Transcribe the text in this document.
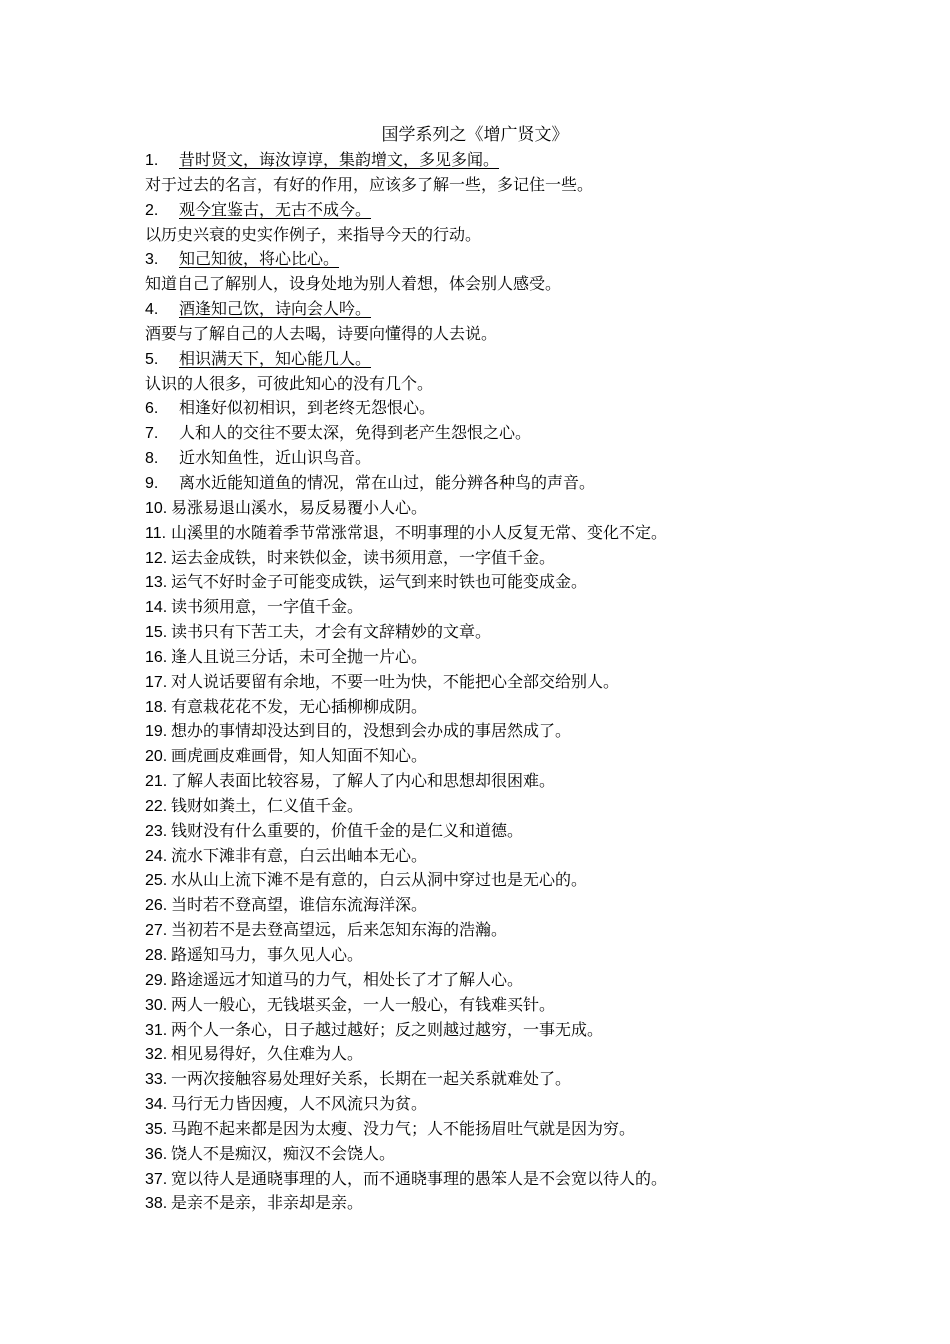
国学系列之《增广贤文》
1. 昔时贤文，诲汝谆谆，集韵增文，多见多闻。
对于过去的名言，有好的作用，应该多了解一些，多记住一些。
2. 观今宜鉴古，无古不成今。
以历史兴衰的史实作例子，来指导今天的行动。
3. 知己知彼，将心比心。
知道自己了解别人，设身处地为别人着想，体会别人感受。
4. 酒逢知己饮，诗向会人吟。
酒要与了解自己的人去喝，诗要向懂得的人去说。
5. 相识满天下，知心能几人。
认识的人很多，可彼此知心的没有几个。
6. 相逢好似初相识，到老终无怨恨心。
7. 人和人的交往不要太深，免得到老产生怨恨之心。
8. 近水知鱼性，近山识鸟音。
9. 离水近能知道鱼的情况，常在山过，能分辨各种鸟的声音。
10. 易涨易退山溪水，易反易覆小人心。
11. 山溪里的水随着季节常涨常退，不明事理的小人反复无常、变化不定。
12. 运去金成铁，时来铁似金，读书须用意，一字值千金。
13. 运气不好时金子可能变成铁，运气到来时铁也可能变成金。
14. 读书须用意，一字值千金。
15. 读书只有下苦工夫，才会有文辞精妙的文章。
16. 逢人且说三分话，未可全抛一片心。
17. 对人说话要留有余地，不要一吐为快，不能把心全部交给别人。
18. 有意栽花花不发，无心插柳柳成阴。
19. 想办的事情却没达到目的，没想到会办成的事居然成了。
20. 画虎画皮难画骨，知人知面不知心。
21. 了解人表面比较容易，了解人了内心和思想却很困难。
22. 钱财如粪土，仁义值千金。
23. 钱财没有什么重要的，价值千金的是仁义和道德。
24. 流水下滩非有意，白云出岫本无心。
25. 水从山上流下滩不是有意的，白云从洞中穿过也是无心的。
26. 当时若不登高望，谁信东流海洋深。
27. 当初若不是去登高望远，后来怎知东海的浩瀚。
28. 路遥知马力，事久见人心。
29. 路途遥远才知道马的力气，相处长了才了解人心。
30. 两人一般心，无钱堪买金，一人一般心，有钱难买针。
31. 两个人一条心，日子越过越好；反之则越过越穷，一事无成。
32. 相见易得好，久住难为人。
33. 一两次接触容易处理好关系，长期在一起关系就难处了。
34. 马行无力皆因瘦，人不风流只为贫。
35. 马跑不起来都是因为太瘦、没力气；人不能扬眉吐气就是因为穷。
36. 饶人不是痴汉，痴汉不会饶人。
37. 宽以待人是通晓事理的人，而不通晓事理的愚笨人是不会宽以待人的。
38. 是亲不是亲，非亲却是亲。
